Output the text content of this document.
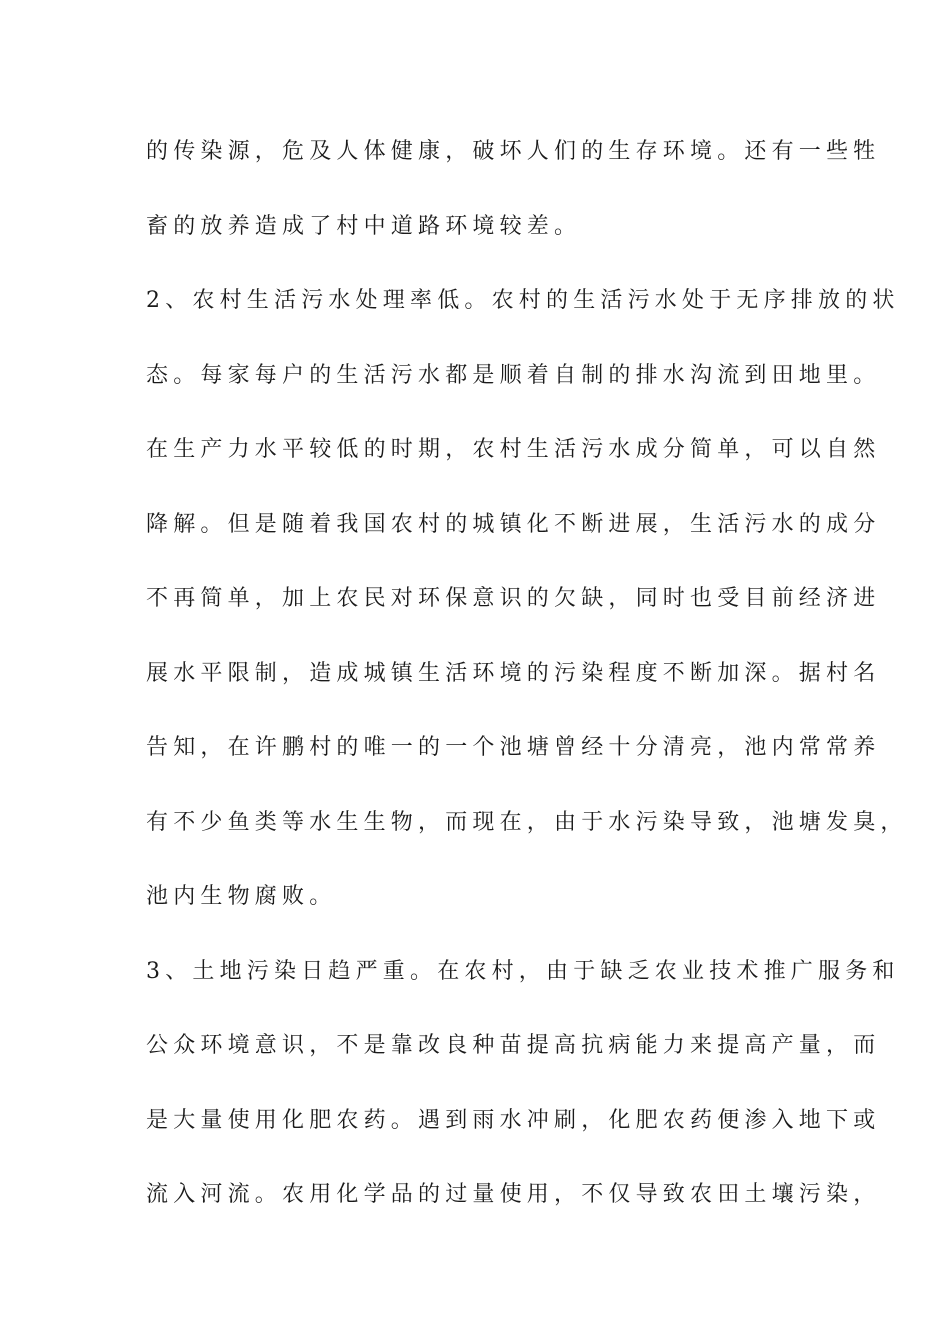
的传染源，危及人体健康，破坏人们的生存环境。还有一些牲
畜的放养造成了村中道路环境较差。
2、农村生活污水处理率低。农村的生活污水处于无序排放的状
态。每家每户的生活污水都是顺着自制的排水沟流到田地里。
在生产力水平较低的时期，农村生活污水成分简单，可以自然
降解。但是随着我国农村的城镇化不断进展，生活污水的成分
不再简单，加上农民对环保意识的欠缺，同时也受目前经济进
展水平限制，造成城镇生活环境的污染程度不断加深。据村名
告知，在许鹏村的唯一的一个池塘曾经十分清亮，池内常常养
有不少鱼类等水生生物，而现在，由于水污染导致，池塘发臭，
池内生物腐败。
3、土地污染日趋严重。在农村，由于缺乏农业技术推广服务和
公众环境意识，不是靠改良种苗提高抗病能力来提高产量，而
是大量使用化肥农药。遇到雨水冲刷，化肥农药便渗入地下或
流入河流。农用化学品的过量使用，不仅导致农田土壤污染，
